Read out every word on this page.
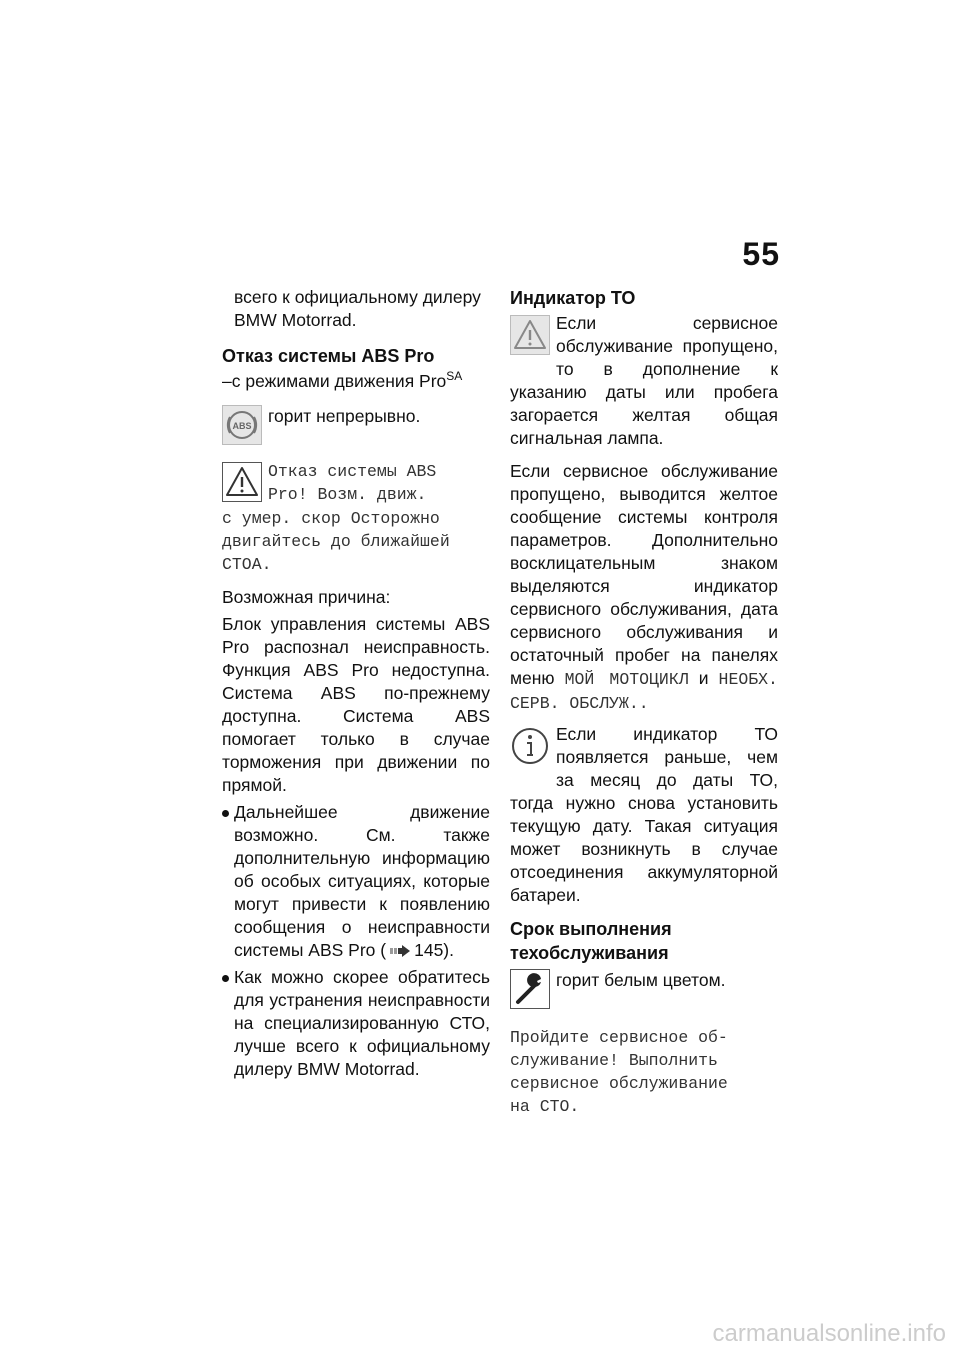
55

всего к официальному дилеру
BMW Motorrad.

Отказ системы ABS Pro

–с режимами движения Pro$^{SA}$

ABS горит непрерывно.
Отказ системы ABS
Pro! Возм. движ.
с умер. скор Осторожно
двигайтесь до ближайшей
СТОА.

Возможная причина:

Блок управления системы ABS Pro распознал неисправность. Функция ABS Pro недоступна. Система ABS по-прежнему доступна. Система ABS помогает только в случае торможения при движении по прямой.

Дальнейшее движение возможно. См. также дополнительную информацию об особых ситуациях, которые могут привести к появлению сообщения о неисправности системы ABS Pro ( 145).
Как можно скорее обратитесь для устранения неисправности на специализированную СТО, лучше всего к официальному дилеру BMW Motorrad.
Индикатор ТО

Если сервисное обслуживание пропущено, то в дополнение к указанию даты или пробега загорается желтая общая сигнальная лампа.

Если сервисное обслуживание пропущено, выводится желтое сообщение системы контроля параметров. Дополнительно восклицательным знаком выделяются индикатор сервисного обслуживания, дата сервисного обслуживания и остаточный пробег на панелях меню МОЙ МОТОЦИКЛ и НЕОБХ. СЕРВ. ОБСЛУЖ..

Если индикатор ТО появляется раньше, чем за месяц до даты ТО, тогда нужно снова установить текущую дату. Такая ситуация может возникнуть в случае отсоединения аккумуляторной батареи.

Срок выполнения
техобслуживания
горит белым цветом.
Пройдите сервисное об-
служивание! Выполнить
сервисное обслуживание
на СТО.
carmanualsonline.info
